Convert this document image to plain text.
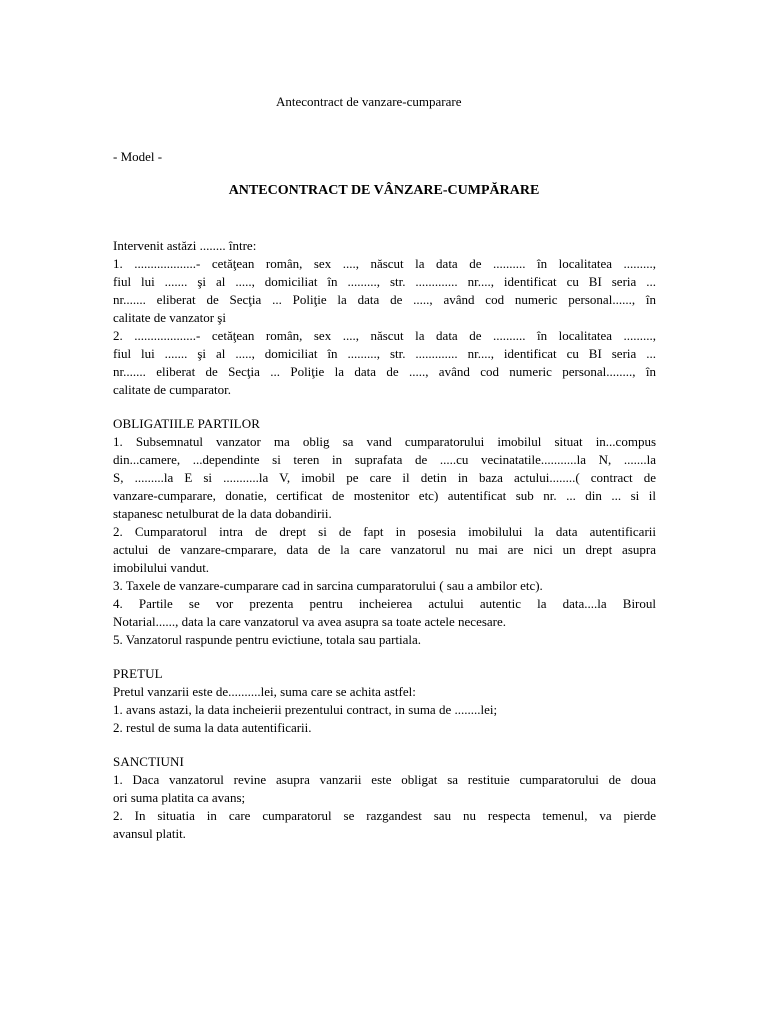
Antecontract de vanzare-cumparare
- Model -
ANTECONTRACT DE VÂNZARE-CUMPĂRARE
Intervenit astăzi ........ între:
1. ...................- cetăţean român, sex ...., născut la data de .......... în localitatea .........,
fiul lui ....... şi al ....., domiciliat în ........., str. ............. nr...., identificat cu BI seria ...
nr....... eliberat de Secţia ... Poliţie la data de ....., având cod numeric personal......, în
calitate de vanzator şi
2. ...................- cetăţean român, sex ...., născut la data de .......... în localitatea .........,
fiul lui ....... şi al ....., domiciliat în ........., str. ............. nr...., identificat cu BI seria ...
nr....... eliberat de Secţia ... Poliţie la data de ....., având cod numeric personal........, în
calitate de cumparator.
OBLIGATIILE PARTILOR
1. Subsemnatul vanzator ma oblig sa vand cumparatorului imobilul situat in...compus
din...camere, ...dependinte si teren in suprafata de .....cu vecinatatile...........la N, .......la
S, .........la E si ...........la V, imobil pe care il detin in baza actului........( contract de
vanzare-cumparare, donatie, certificat de mostenitor etc) autentificat sub nr. ... din ... si il
stapanesc netulburat de la data dobandirii.
2. Cumparatorul intra de drept si de fapt in posesia imobilului la data autentificarii
actului de vanzare-cmparare, data de la care vanzatorul nu mai are nici un drept asupra
imobilului vandut.
3. Taxele de vanzare-cumparare cad in sarcina cumparatorului ( sau a ambilor etc).
4. Partile se vor prezenta pentru incheierea actului autentic la data....la Biroul
Notarial......, data la care vanzatorul va avea asupra sa toate actele necesare.
5. Vanzatorul raspunde pentru evictiune, totala sau partiala.
PRETUL
Pretul vanzarii este de..........lei, suma care se achita astfel:
1. avans astazi, la data incheierii prezentului contract, in suma de ........lei;
2. restul de suma la data autentificarii.
SANCTIUNI
1. Daca vanzatorul revine asupra vanzarii este obligat sa restituie cumparatorului de doua
ori suma platita ca avans;
2. In situatia in care cumparatorul se razgandest sau nu respecta temenul, va pierde
avansul platit.
